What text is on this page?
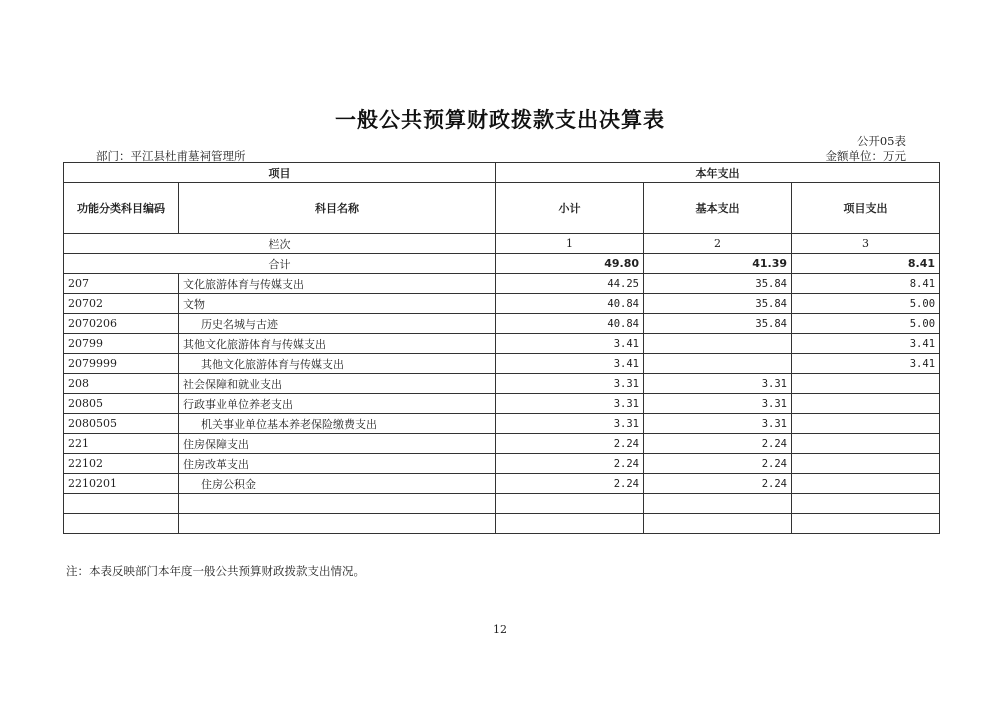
一般公共预算财政拨款支出决算表
公开05表
部门：平江县杜甫墓祠管理所	金额单位：万元
项目		本年支出		
功能分类科目编码	科目名称	小计	基本支出	项目支出
栏次		1	2	3
合计		49.80	41.39	8.41
207	文化旅游体育与传媒支出	44.25	35.84	8.41
20702	文物	40.84	35.84	5.00
2070206	历史名城与古迹	40.84	35.84	5.00
20799	其他文化旅游体育与传媒支出	3.41		3.41
2079999	其他文化旅游体育与传媒支出	3.41		3.41
208	社会保障和就业支出	3.31	3.31	
20805	行政事业单位养老支出	3.31	3.31	
2080505	机关事业单位基本养老保险缴费支出	3.31	3.31	
221	住房保障支出	2.24	2.24	
22102	住房改革支出	2.24	2.24	
2210201	住房公积金	2.24	2.24	

注：本表反映部门本年度一般公共预算财政拨款支出情况。
12
